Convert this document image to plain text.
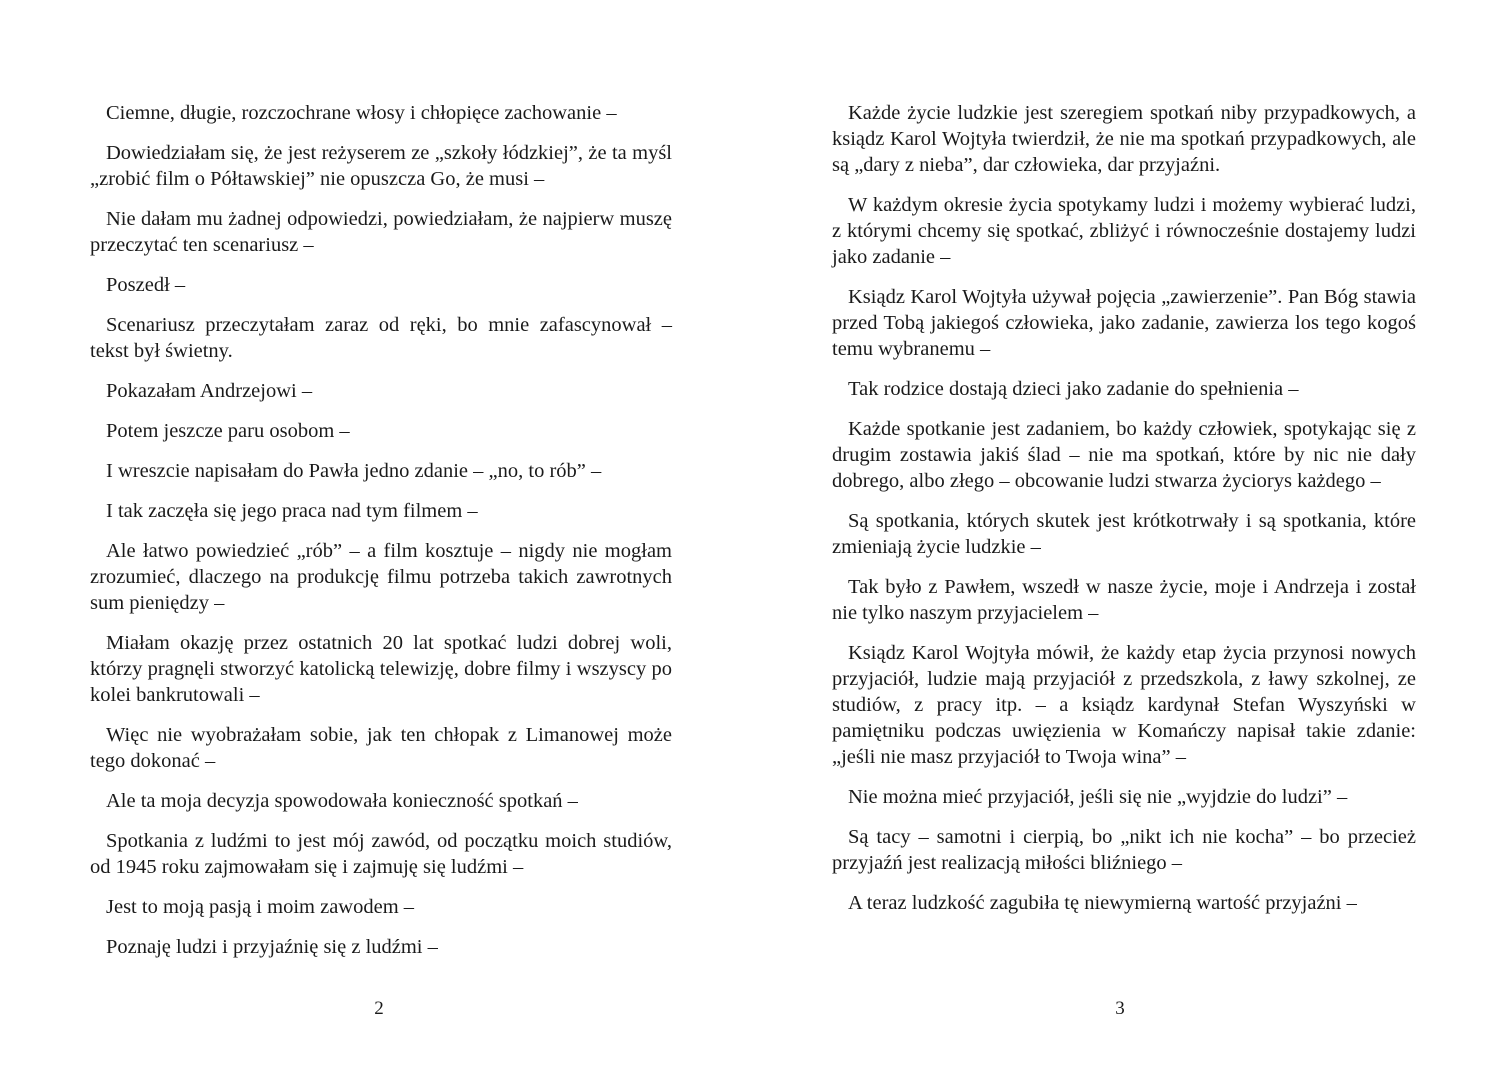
Ciemne, długie, rozczochrane włosy i chłopięce zachowanie –

Dowiedziałam się, że jest reżyserem ze „szkoły łódzkiej”, że ta myśl „zrobić film o Półtawskiej” nie opuszcza Go, że musi –

Nie dałam mu żadnej odpowiedzi, powiedziałam, że najpierw muszę przeczytać ten scenariusz –

Poszedł –

Scenariusz przeczytałam zaraz od ręki, bo mnie zafascynował – tekst był świetny.

Pokazałam Andrzejowi –

Potem jeszcze paru osobom –

I wreszcie napisałam do Pawła jedno zdanie – „no, to rób” –

I tak zaczęła się jego praca nad tym filmem –

Ale łatwo powiedzieć „rób” – a film kosztuje – nigdy nie mogłam zrozumieć, dlaczego na produkcję filmu potrzeba takich zawrotnych sum pieniędzy –

Miałam okazję przez ostatnich 20 lat spotkać ludzi dobrej woli, którzy pragnęli stworzyć katolicką telewizję, dobre filmy i wszyscy po kolei bankrutowali –

Więc nie wyobrażałam sobie, jak ten chłopak z Limanowej może tego dokonać –

Ale ta moja decyzja spowodowała konieczność spotkań –

Spotkania z ludźmi to jest mój zawód, od początku moich studiów, od 1945 roku zajmowałam się i zajmuję się ludźmi –

Jest to moją pasją i moim zawodem –

Poznaję ludzi i przyjaźnię się z ludźmi –

Każde życie ludzkie jest szeregiem spotkań niby przypadkowych, a ksiądz Karol Wojtyła twierdził, że nie ma spotkań przypadkowych, ale są „dary z nieba”, dar człowieka, dar przyjaźni.

W każdym okresie życia spotykamy ludzi i możemy wybierać ludzi, z którymi chcemy się spotkać, zbliżyć i równocześnie dostajemy ludzi jako zadanie –

Ksiądz Karol Wojtyła używał pojęcia „zawierzenie”. Pan Bóg stawia przed Tobą jakiegoś człowieka, jako zadanie, zawierza los tego kogoś temu wybranemu –

Tak rodzice dostają dzieci jako zadanie do spełnienia –

Każde spotkanie jest zadaniem, bo każdy człowiek, spotykając się z drugim zostawia jakiś ślad – nie ma spotkań, które by nic nie dały dobrego, albo złego – obcowanie ludzi stwarza życiorys każdego –

Są spotkania, których skutek jest krótkotrwały i są spotkania, które zmieniają życie ludzkie –

Tak było z Pawłem, wszedł w nasze życie, moje i Andrzeja i został nie tylko naszym przyjacielem –

Ksiądz Karol Wojtyła mówił, że każdy etap życia przynosi nowych przyjaciół, ludzie mają przyjaciół z przedszkola, z ławy szkolnej, ze studiów, z pracy itp. – a ksiądz kardynał Stefan Wyszyński w pamiętniku podczas uwięzienia w Komańczy napisał takie zdanie: „jeśli nie masz przyjaciół to Twoja wina” –

Nie można mieć przyjaciół, jeśli się nie „wyjdzie do ludzi” –

Są tacy – samotni i cierpią, bo „nikt ich nie kocha” – bo przecież przyjaźń jest realizacją miłości bliźniego –

A teraz ludzkość zagubiła tę niewymierną wartość przyjaźni –

2	3
